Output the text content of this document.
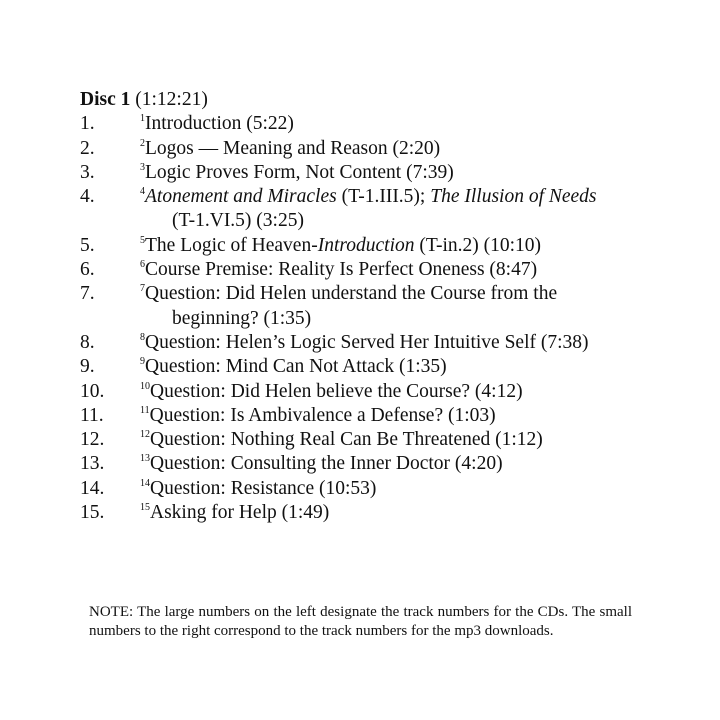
Disc 1 (1:12:21)
1.	$^1$Introduction (5:22)
2.	$^2$Logos — Meaning and Reason (2:20)
3.	$^3$Logic Proves Form, Not Content (7:39)
4.	$^4$Atonement and Miracles (T-1.III.5); The Illusion of Needs
(T-1.VI.5) (3:25)
5.	$^5$The Logic of Heaven-Introduction (T-in.2) (10:10)
6.	$^6$Course Premise: Reality Is Perfect Oneness (8:47)
7.	$^7$Question: Did Helen understand the Course from the
beginning? (1:35)
8.	$^8$Question: Helen’s Logic Served Her Intuitive Self (7:38)
9.	$^9$Question: Mind Can Not Attack (1:35)
10.	$^{10}$Question: Did Helen believe the Course? (4:12)
11.	$^{11}$Question: Is Ambivalence a Defense? (1:03)
12.	$^{12}$Question: Nothing Real Can Be Threatened (1:12)
13.	$^{13}$Question: Consulting the Inner Doctor (4:20)
14.	$^{14}$Question: Resistance (10:53)
15.	$^{15}$Asking for Help (1:49)
NOTE: The large numbers on the left designate the track numbers for the CDs. The small numbers to the right correspond to the track numbers for the mp3 downloads.
